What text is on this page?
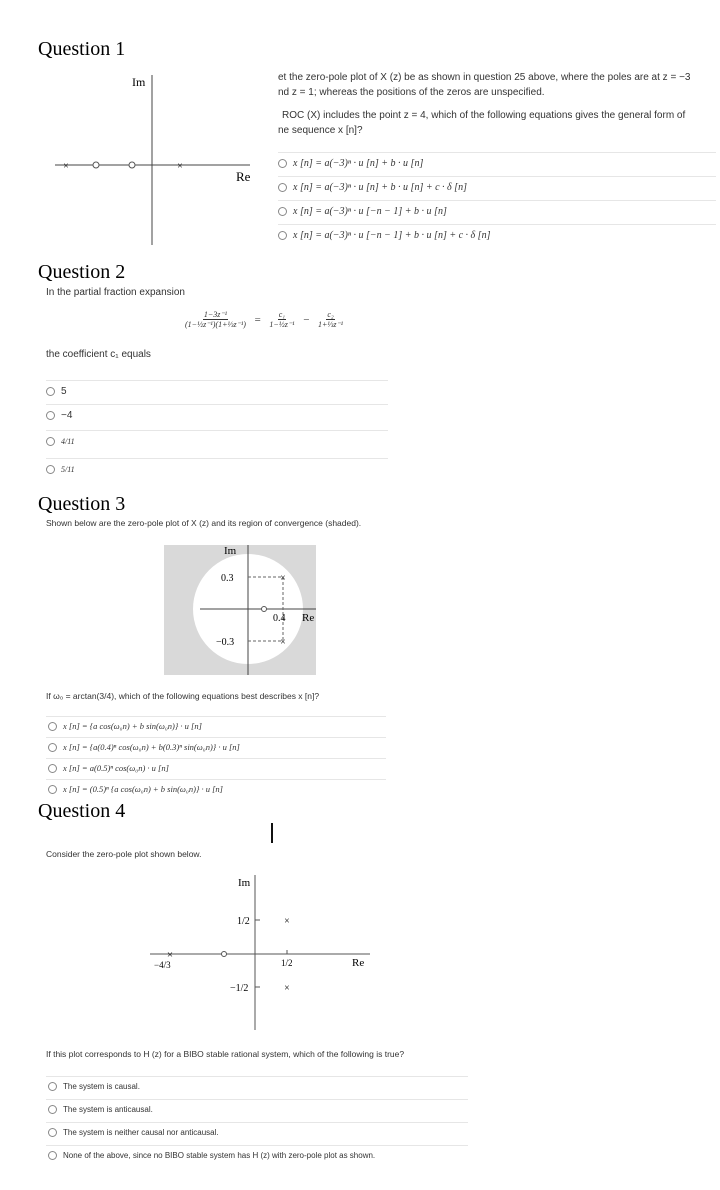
Question 1
Im
Re
×	×
et the zero-pole plot of X (z) be as shown in question 25 above, where the poles are at z = −3
nd z = 1; whereas the positions of the zeros are unspecified.
ROC (X) includes the point z = 4, which of the following equations gives the general form of
ne sequence x [n]?
x [n] = a(−3)ⁿ · u [n] + b · u [n]
x [n] = a(−3)ⁿ · u [n] + b · u [n] + c · δ [n]
x [n] = a(−3)ⁿ · u [−n − 1] + b · u [n]
x [n] = a(−3)ⁿ · u [−n − 1] + b · u [n] + c · δ [n]
Question 2
In the partial fraction expansion
$\frac{\text{1−3z⁻¹}}{\text{(1−½z⁻¹)(1+⅓z⁻¹)}} = \frac{\text{c₁}}{\text{1−½z⁻¹}} - \frac{\text{c₂}}{\text{1+⅓z⁻¹}}$
the coefficient c₁ equals
5
−4
4/11
5/11
Question 3
Shown below are the zero-pole plot of X (z) and its region of convergence (shaded).
Im
Re
0.3
−0.3
0.4
×
×
If ω₀ = arctan(3/4), which of the following equations best describes x [n]?
x [n] = {a cos(ω₀n) + b sin(ω₀n)} · u [n]
x [n] = {a(0.4)ⁿ cos(ω₀n) + b(0.3)ⁿ sin(ω₀n)} · u [n]
x [n] = a(0.5)ⁿ cos(ω₀n) · u [n]
x [n] = (0.5)ⁿ {a cos(ω₀n) + b sin(ω₀n)} · u [n]
Question 4
Consider the zero-pole plot shown below.
Im
Re
1/2
−1/2
1/2
−4/3
×
×
×
If this plot corresponds to H (z) for a BIBO stable rational system, which of the following is true?
The system is causal.
The system is anticausal.
The system is neither causal nor anticausal.
None of the above, since no BIBO stable system has H (z) with zero-pole plot as shown.
